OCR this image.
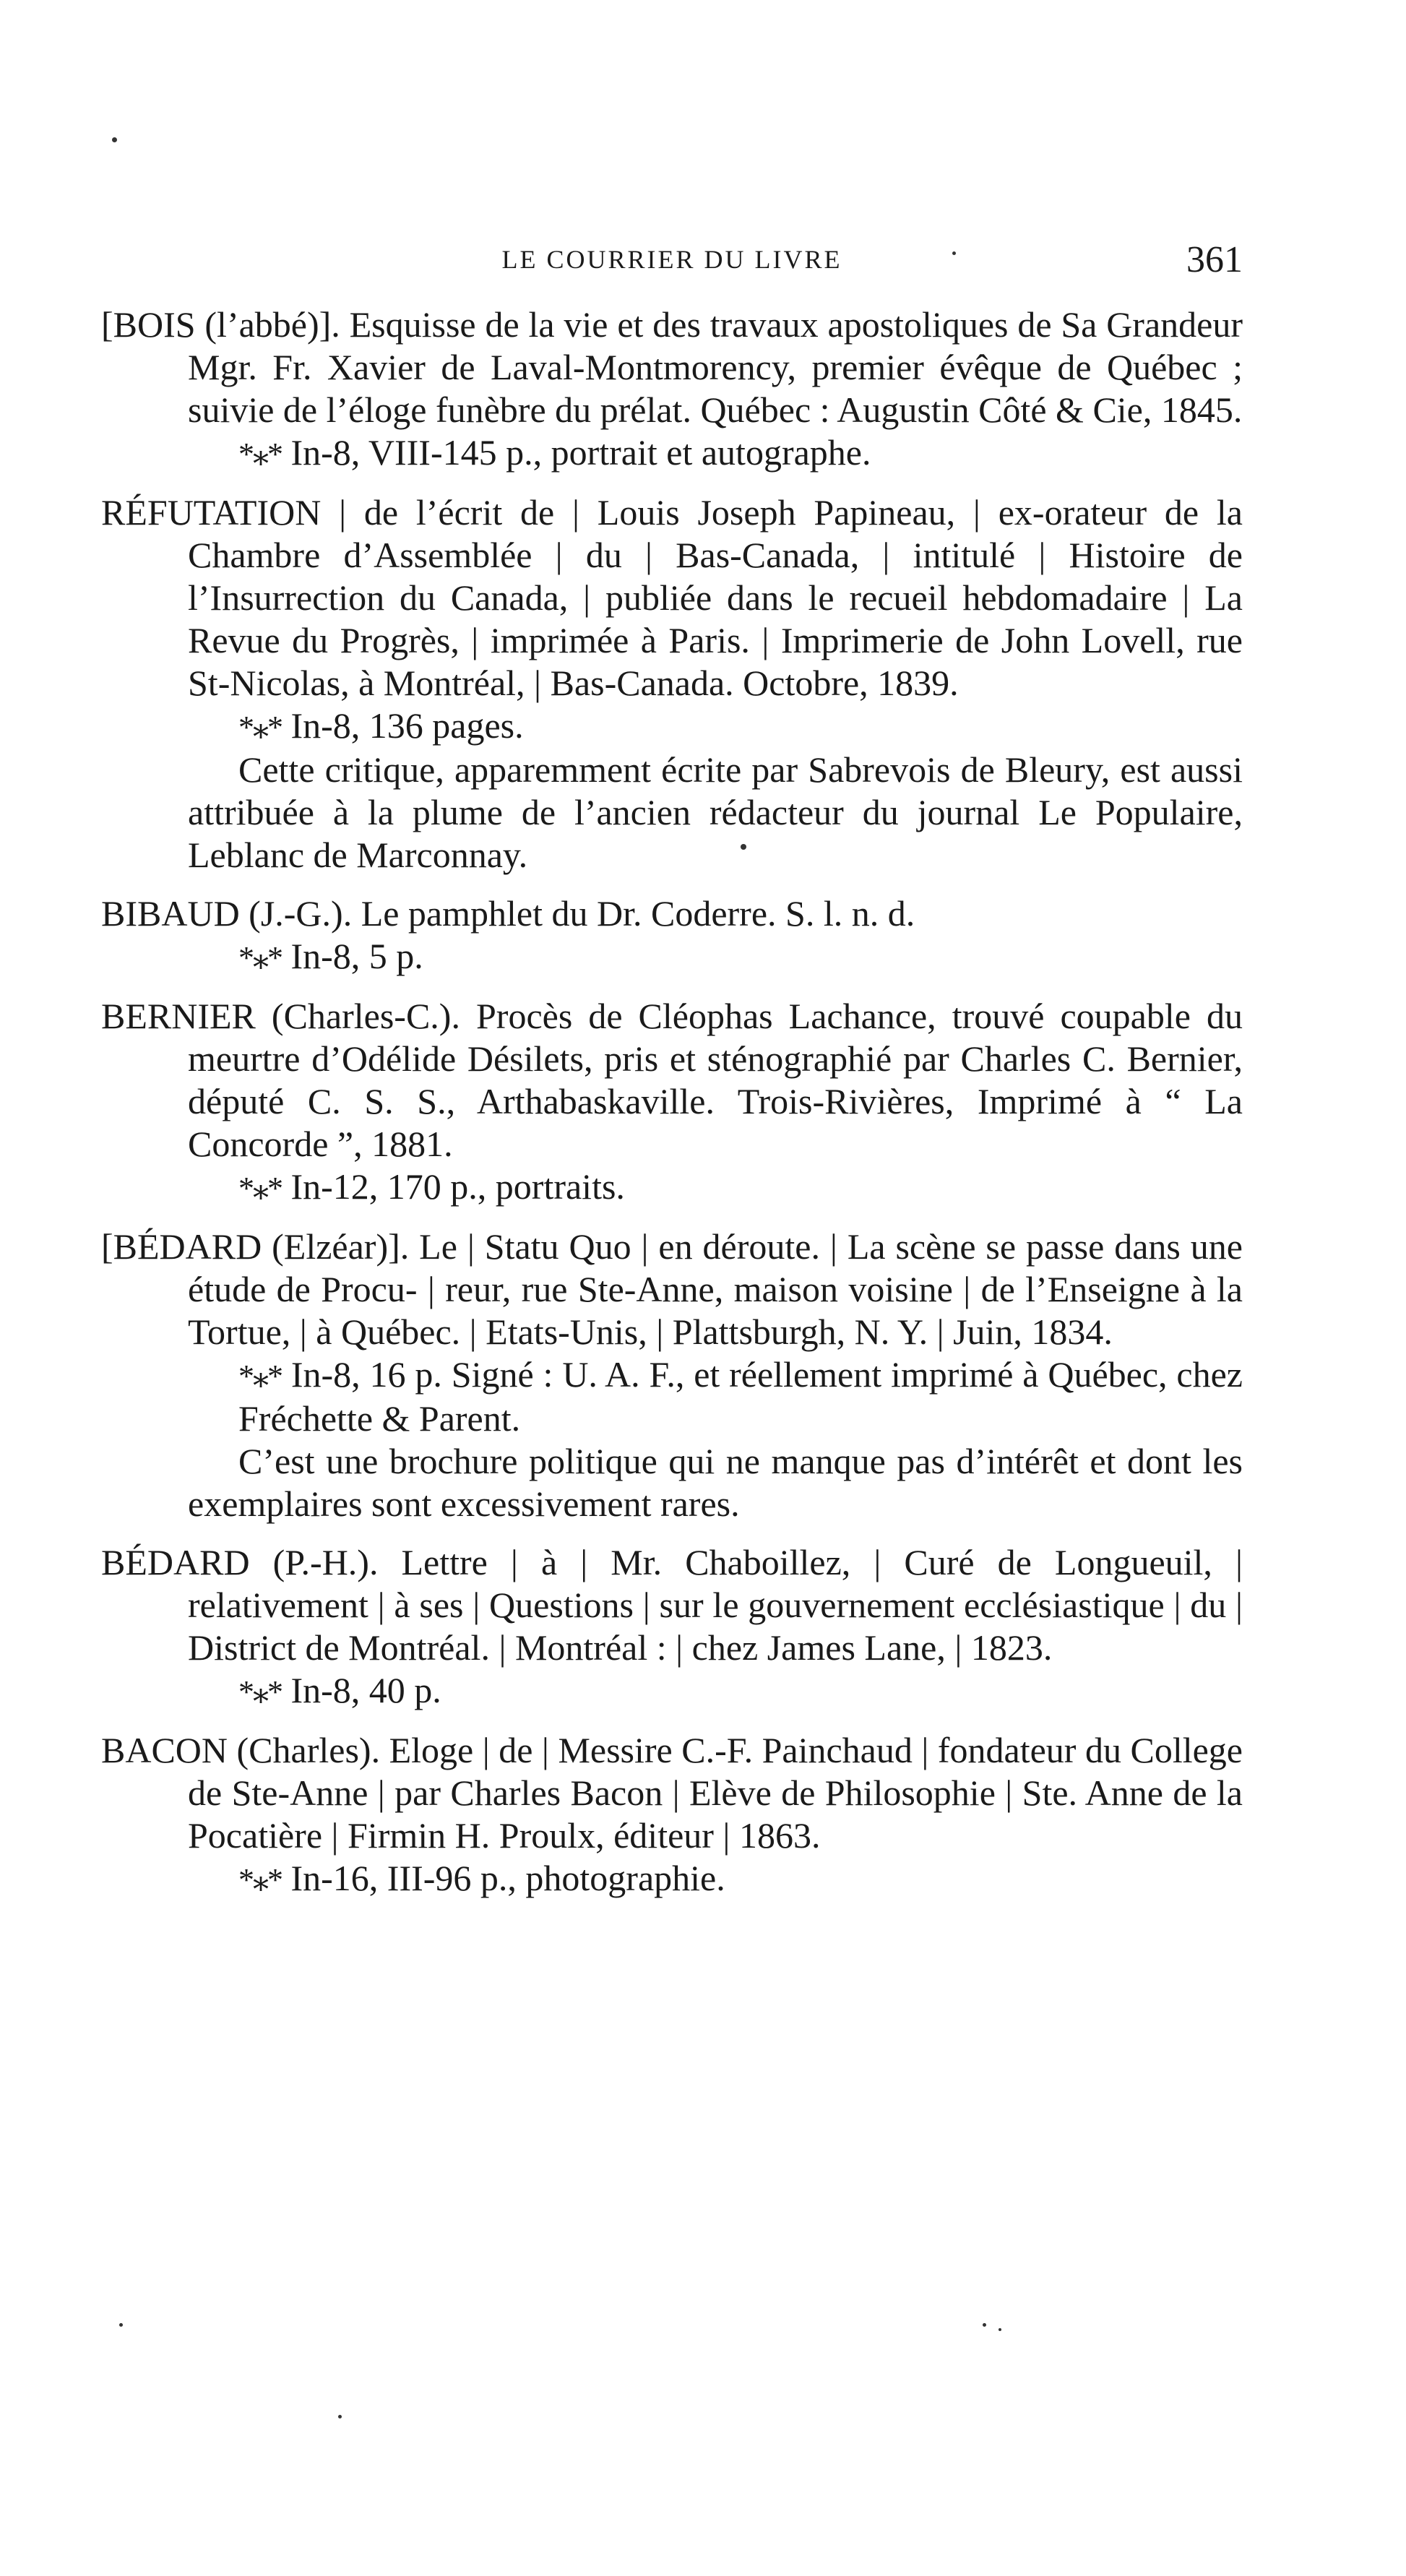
LE COURRIER DU LIVRE	361
[BOIS (l’abbé)]. Esquisse de la vie et des travaux apostoliques de Sa Grandeur Mgr. Fr. Xavier de Laval-Montmorency, premier évêque de Québec ; suivie de l’éloge funèbre du prélat. Québec : Augustin Côté & Cie, 1845.
*⁎* In-8, VIII-145 p., portrait et autographe.
RÉFUTATION | de l’écrit de | Louis Joseph Papineau, | ex-orateur de la Chambre d’Assemblée | du | Bas-Canada, | intitulé | Histoire de l’Insurrection du Canada, | publiée dans le recueil hebdomadaire | La Revue du Progrès, | imprimée à Paris. | Imprimerie de John Lovell, rue St-Nicolas, à Montréal, | Bas-Canada. Octobre, 1839.
*⁎* In-8, 136 pages.
Cette critique, apparemment écrite par Sabrevois de Bleury, est aussi attribuée à la plume de l’ancien rédacteur du journal Le Populaire, Leblanc de Marconnay.
BIBAUD (J.-G.). Le pamphlet du Dr. Coderre. S. l. n. d.
*⁎* In-8, 5 p.
BERNIER (Charles-C.). Procès de Cléophas Lachance, trouvé coupable du meurtre d’Odélide Désilets, pris et sténographié par Charles C. Bernier, député C. S. S., Arthabaskaville. Trois-Rivières, Imprimé à “ La Concorde ”, 1881.
*⁎* In-12, 170 p., portraits.
[BÉDARD (Elzéar)]. Le | Statu Quo | en déroute. | La scène se passe dans une étude de Procu- | reur, rue Ste-Anne, maison voisine | de l’Enseigne à la Tortue, | à Québec. | Etats-Unis, | Plattsburgh, N. Y. | Juin, 1834.
*⁎* In-8, 16 p. Signé : U. A. F., et réellement imprimé à Québec, chez Fréchette & Parent.
C’est une brochure politique qui ne manque pas d’intérêt et dont les exemplaires sont excessivement rares.
BÉDARD (P.-H.). Lettre | à | Mr. Chaboillez, | Curé de Longueuil, | relativement | à ses | Questions | sur le gouvernement ecclésiastique | du | District de Montréal. | Montréal : | chez James Lane, | 1823.
*⁎* In-8, 40 p.
BACON (Charles). Eloge | de | Messire C.-F. Painchaud | fondateur du College de Ste-Anne | par Charles Bacon | Elève de Philosophie | Ste. Anne de la Pocatière | Firmin H. Proulx, éditeur | 1863.
*⁎* In-16, III-96 p., photographie.
